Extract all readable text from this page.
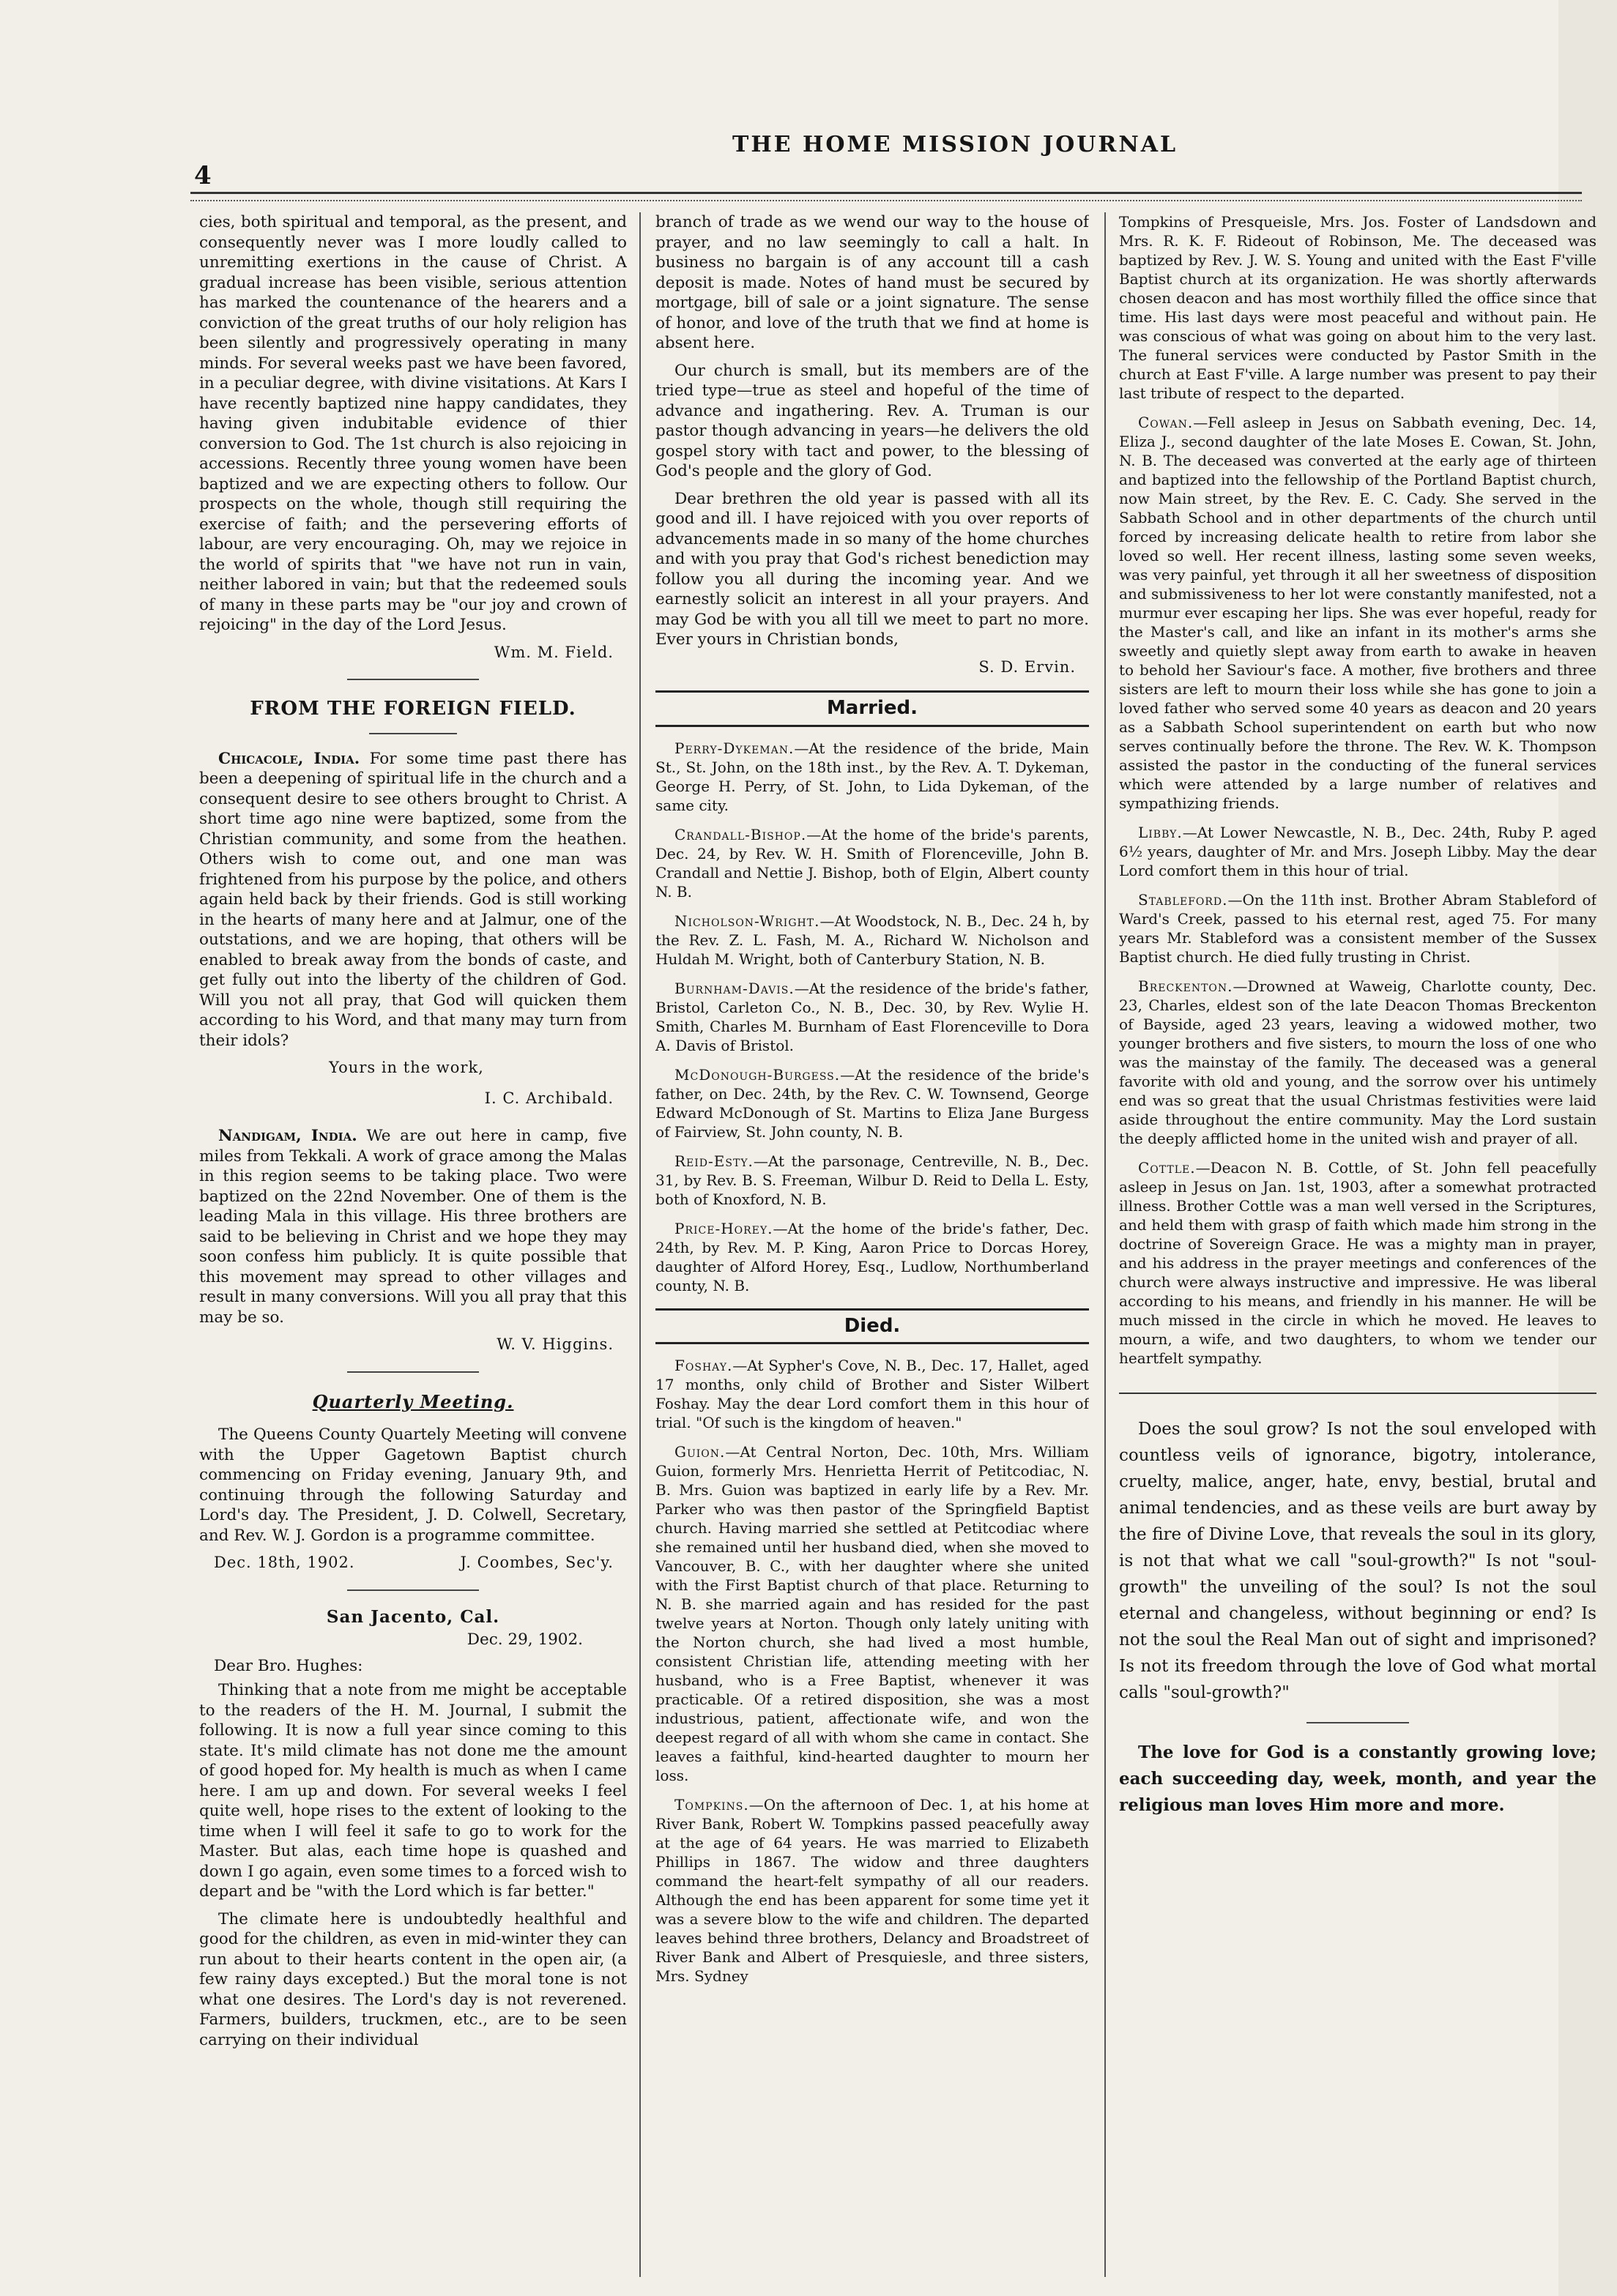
4
THE HOME MISSION JOURNAL

cies, both spiritual and temporal, as the present, and consequently never was I more loudly called to unremitting exertions in the cause of Christ. A gradual increase has been visible, serious attention has marked the countenance of the hearers and a conviction of the great truths of our holy religion has been silently and progressively operating in many minds. For several weeks past we have been favored, in a peculiar degree, with divine visitations. At Kars I have recently baptized nine happy candidates, they having given indubitable evidence of thier conversion to God. The 1st church is also rejoicing in accessions. Recently three young women have been baptized and we are expecting others to follow. Our prospects on the whole, though still requiring the exercise of faith; and the persevering efforts of labour, are very encouraging. Oh, may we rejoice in the world of spirits that "we have not run in vain, neither labored in vain; but that the redeemed souls of many in these parts may be "our joy and crown of rejoicing" in the day of the Lord Jesus.

Wm. M. Field.
FROM THE FOREIGN FIELD.

Chicacole, India. For some time past there has been a deepening of spiritual life in the church and a consequent desire to see others brought to Christ. A short time ago nine were baptized, some from the Christian community, and some from the heathen. Others wish to come out, and one man was frightened from his purpose by the police, and others again held back by their friends. God is still working in the hearts of many here and at Jalmur, one of the outstations, and we are hoping, that others will be enabled to break away from the bonds of caste, and get fully out into the liberty of the children of God. Will you not all pray, that God will quicken them according to his Word, and that many may turn from their idols?

Yours in the work,
I. C. Archibald.

Nandigam, India. We are out here in camp, five miles from Tekkali. A work of grace among the Malas in this region seems to be taking place. Two were baptized on the 22nd November. One of them is the leading Mala in this village. His three brothers are said to be believing in Christ and we hope they may soon confess him publicly. It is quite possible that this movement may spread to other villages and result in many conversions. Will you all pray that this may be so.

W. V. Higgins.
Quarterly Meeting.

The Queens County Quartely Meeting will convene with the Upper Gagetown Baptist church commencing on Friday evening, January 9th, and continuing through the following Saturday and Lord's day. The President, J. D. Colwell, Secretary, and Rev. W. J. Gordon is a programme committee.

Dec. 18th, 1902.	J. Coombes, Sec'y.
San Jacento, Cal.
Dec. 29, 1902.
Dear Bro. Hughes:

Thinking that a note from me might be acceptable to the readers of the H. M. Journal, I submit the following. It is now a full year since coming to this state. It's mild climate has not done me the amount of good hoped for. My health is much as when I came here. I am up and down. For several weeks I feel quite well, hope rises to the extent of looking to the time when I will feel it safe to go to work for the Master. But alas, each time hope is quashed and down I go again, even some times to a forced wish to depart and be "with the Lord which is far better."

The climate here is undoubtedly healthful and good for the children, as even in mid-winter they can run about to their hearts content in the open air, (a few rainy days excepted.) But the moral tone is not what one desires. The Lord's day is not reverened. Farmers, builders, truckmen, etc., are to be seen carrying on their individual

branch of trade as we wend our way to the house of prayer, and no law seemingly to call a halt. In business no bargain is of any account till a cash deposit is made. Notes of hand must be secured by mortgage, bill of sale or a joint signature. The sense of honor, and love of the truth that we find at home is absent here.

Our church is small, but its members are of the tried type—true as steel and hopeful of the time of advance and ingathering. Rev. A. Truman is our pastor though advancing in years—he delivers the old gospel story with tact and power, to the blessing of God's people and the glory of God.

Dear brethren the old year is passed with all its good and ill. I have rejoiced with you over reports of advancements made in so many of the home churches and with you pray that God's richest benediction may follow you all during the incoming year. And we earnestly solicit an interest in all your prayers. And may God be with you all till we meet to part no more. Ever yours in Christian bonds,

S. D. Ervin.
Married.

Perry-Dykeman.—At the residence of the bride, Main St., St. John, on the 18th inst., by the Rev. A. T. Dykeman, George H. Perry, of St. John, to Lida Dykeman, of the same city.

Crandall-Bishop.—At the home of the bride's parents, Dec. 24, by Rev. W. H. Smith of Florenceville, John B. Crandall and Nettie J. Bishop, both of Elgin, Albert county N. B.

Nicholson-Wright.—At Woodstock, N. B., Dec. 24 h, by the Rev. Z. L. Fash, M. A., Richard W. Nicholson and Huldah M. Wright, both of Canterbury Station, N. B.

Burnham-Davis.—At the residence of the bride's father, Bristol, Carleton Co., N. B., Dec. 30, by Rev. Wylie H. Smith, Charles M. Burnham of East Florenceville to Dora A. Davis of Bristol.

McDonough-Burgess.—At the residence of the bride's father, on Dec. 24th, by the Rev. C. W. Townsend, George Edward McDonough of St. Martins to Eliza Jane Burgess of Fairview, St. John county, N. B.

Reid-Esty.—At the parsonage, Centreville, N. B., Dec. 31, by Rev. B. S. Freeman, Wilbur D. Reid to Della L. Esty, both of Knoxford, N. B.

Price-Horey.—At the home of the bride's father, Dec. 24th, by Rev. M. P. King, Aaron Price to Dorcas Horey, daughter of Alford Horey, Esq., Ludlow, Northumberland county, N. B.

Died.

Foshay.—At Sypher's Cove, N. B., Dec. 17, Hallet, aged 17 months, only child of Brother and Sister Wilbert Foshay. May the dear Lord comfort them in this hour of trial. "Of such is the kingdom of heaven."

Guion.—At Central Norton, Dec. 10th, Mrs. William Guion, formerly Mrs. Henrietta Herrit of Petitcodiac, N. B. Mrs. Guion was baptized in early life by a Rev. Mr. Parker who was then pastor of the Springfield Baptist church. Having married she settled at Petitcodiac where she remained until her husband died, when she moved to Vancouver, B. C., with her daughter where she united with the First Baptist church of that place. Returning to N. B. she married again and has resided for the past twelve years at Norton. Though only lately uniting with the Norton church, she had lived a most humble, consistent Christian life, attending meeting with her husband, who is a Free Baptist, whenever it was practicable. Of a retired disposition, she was a most industrious, patient, affectionate wife, and won the deepest regard of all with whom she came in contact. She leaves a faithful, kind-hearted daughter to mourn her loss.

Tompkins.—On the afternoon of Dec. 1, at his home at River Bank, Robert W. Tompkins passed peacefully away at the age of 64 years. He was married to Elizabeth Phillips in 1867. The widow and three daughters command the heart-felt sympathy of all our readers. Although the end has been apparent for some time yet it was a severe blow to the wife and children. The departed leaves behind three brothers, Delancy and Broadstreet of River Bank and Albert of Presquiesle, and three sisters, Mrs. Sydney

Tompkins of Presqueisle, Mrs. Jos. Foster of Landsdown and Mrs. R. K. F. Rideout of Robinson, Me. The deceased was baptized by Rev. J. W. S. Young and united with the East F'ville Baptist church at its organization. He was shortly afterwards chosen deacon and has most worthily filled the office since that time. His last days were most peaceful and without pain. He was conscious of what was going on about him to the very last. The funeral services were conducted by Pastor Smith in the church at East F'ville. A large number was present to pay their last tribute of respect to the departed.

Cowan.—Fell asleep in Jesus on Sabbath evening, Dec. 14, Eliza J., second daughter of the late Moses E. Cowan, St. John, N. B. The deceased was converted at the early age of thirteen and baptized into the fellowship of the Portland Baptist church, now Main street, by the Rev. E. C. Cady. She served in the Sabbath School and in other departments of the church until forced by increasing delicate health to retire from labor she loved so well. Her recent illness, lasting some seven weeks, was very painful, yet through it all her sweetness of disposition and submissiveness to her lot were constantly manifested, not a murmur ever escaping her lips. She was ever hopeful, ready for the Master's call, and like an infant in its mother's arms she sweetly and quietly slept away from earth to awake in heaven to behold her Saviour's face. A mother, five brothers and three sisters are left to mourn their loss while she has gone to join a loved father who served some 40 years as deacon and 20 years as a Sabbath School superintendent on earth but who now serves continually before the throne. The Rev. W. K. Thompson assisted the pastor in the conducting of the funeral services which were attended by a large number of relatives and sympathizing friends.

Libby.—At Lower Newcastle, N. B., Dec. 24th, Ruby P. aged 6½ years, daughter of Mr. and Mrs. Joseph Libby. May the dear Lord comfort them in this hour of trial.

Stableford.—On the 11th inst. Brother Abram Stableford of Ward's Creek, passed to his eternal rest, aged 75. For many years Mr. Stableford was a consistent member of the Sussex Baptist church. He died fully trusting in Christ.

Breckenton.—Drowned at Waweig, Charlotte county, Dec. 23, Charles, eldest son of the late Deacon Thomas Breckenton of Bayside, aged 23 years, leaving a widowed mother, two younger brothers and five sisters, to mourn the loss of one who was the mainstay of the family. The deceased was a general favorite with old and young, and the sorrow over his untimely end was so great that the usual Christmas festivities were laid aside throughout the entire community. May the Lord sustain the deeply afflicted home in the united wish and prayer of all.

Cottle.—Deacon N. B. Cottle, of St. John fell peacefully asleep in Jesus on Jan. 1st, 1903, after a somewhat protracted illness. Brother Cottle was a man well versed in the Scriptures, and held them with grasp of faith which made him strong in the doctrine of Sovereign Grace. He was a mighty man in prayer, and his address in the prayer meetings and conferences of the church were always instructive and impressive. He was liberal according to his means, and friendly in his manner. He will be much missed in the circle in which he moved. He leaves to mourn, a wife, and two daughters, to whom we tender our heartfelt sympathy.

Does the soul grow? Is not the soul enveloped with countless veils of ignorance, bigotry, intolerance, cruelty, malice, anger, hate, envy, bestial, brutal and animal tendencies, and as these veils are burt away by the fire of Divine Love, that reveals the soul in its glory, is not that what we call "soul-growth?" Is not "soul-growth" the unveiling of the soul? Is not the soul eternal and changeless, without beginning or end? Is not the soul the Real Man out of sight and imprisoned? Is not its freedom through the love of God what mortal calls "soul-growth?"

The love for God is a constantly growing love; each succeeding day, week, month, and year the religious man loves Him more and more.
